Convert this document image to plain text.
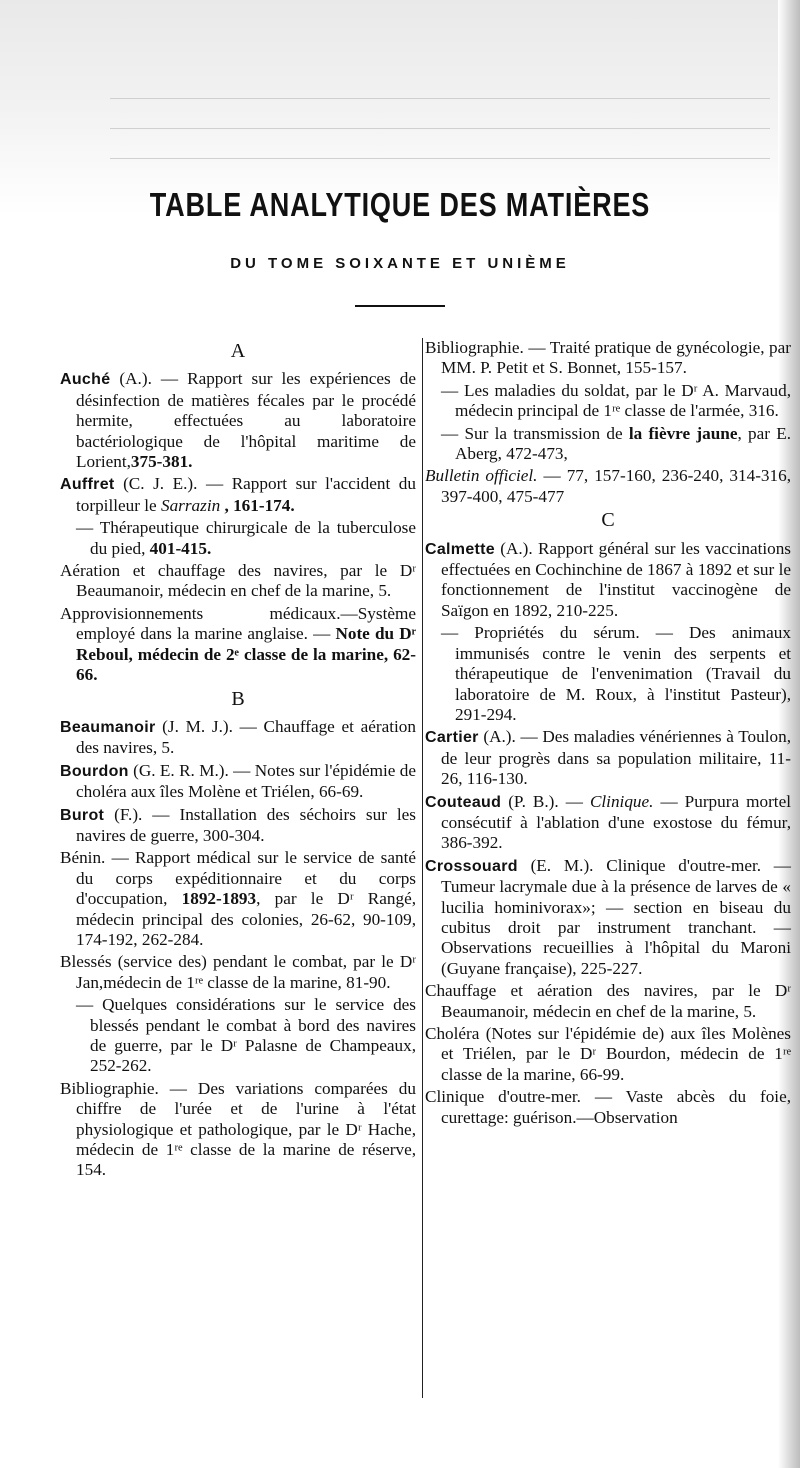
TABLE ANALYTIQUE DES MATIÈRES
DU TOME SOIXANTE ET UNIÈME
A

Auché (A.). — Rapport sur les expériences de désinfection de matières fécales par le procédé hermite, effectuées au laboratoire bactériologique de l'hôpital maritime de Lorient,375-381.

Auffret (C. J. E.). — Rapport sur l'accident du torpilleur le Sarrazin , 161-174.

— Thérapeutique chirurgicale de la tuberculose du pied, 401-415.

Aération et chauffage des navires, par le Dʳ Beaumanoir, médecin en chef de la marine, 5.

Approvisionnements médicaux.—Système employé dans la marine anglaise. — Note du Dʳ Reboul, médecin de 2ᵉ classe de la marine, 62-66.

B

Beaumanoir (J. M. J.). — Chauffage et aération des navires, 5.

Bourdon (G. E. R. M.). — Notes sur l'épidémie de choléra aux îles Molène et Triélen, 66-69.

Burot (F.). — Installation des séchoirs sur les navires de guerre, 300-304.

Bénin. — Rapport médical sur le service de santé du corps expéditionnaire et du corps d'occupation, 1892-1893, par le Dʳ Rangé, médecin principal des colonies, 26-62, 90-109, 174-192, 262-284.

Blessés (service des) pendant le combat, par le Dʳ Jan,médecin de 1ʳᵉ classe de la marine, 81-90.

— Quelques considérations sur le service des blessés pendant le combat à bord des navires de guerre, par le Dʳ Palasne de Champeaux, 252-262.

Bibliographie. — Des variations comparées du chiffre de l'urée et de l'urine à l'état physiologique et pathologique, par le Dʳ Hache, médecin de 1ʳᵉ classe de la marine de réserve, 154.

Bibliographie. — Traité pratique de gynécologie, par MM. P. Petit et S. Bonnet, 155-157.

— Les maladies du soldat, par le Dʳ A. Marvaud, médecin principal de 1ʳᵉ classe de l'armée, 316.

— Sur la transmission de la fièvre jaune, par E. Aberg, 472-473,

Bulletin officiel. — 77, 157-160, 236-240, 314-316, 397-400, 475-477

C

Calmette (A.). Rapport général sur les vaccinations effectuées en Cochinchine de 1867 à 1892 et sur le fonctionnement de l'institut vaccinogène de Saïgon en 1892, 210-225.

— Propriétés du sérum. — Des animaux immunisés contre le venin des serpents et thérapeutique de l'envenimation (Travail du laboratoire de M. Roux, à l'institut Pasteur), 291-294.

Cartier (A.). — Des maladies vénériennes à Toulon, de leur progrès dans sa population militaire, 11-26, 116-130.

Couteaud (P. B.). — Clinique. — Purpura mortel consécutif à l'ablation d'une exostose du fémur, 386-392.

Crossouard (E. M.). Clinique d'outre-mer. — Tumeur lacrymale due à la présence de larves de « lucilia hominivorax»; — section en biseau du cubitus droit par instrument tranchant. — Observations recueillies à l'hôpital du Maroni (Guyane française), 225-227.

Chauffage et aération des navires, par le Dʳ Beaumanoir, médecin en chef de la marine, 5.

Choléra (Notes sur l'épidémie de) aux îles Molènes et Triélen, par le Dʳ Bourdon, médecin de 1ʳᵉ classe de la marine, 66-99.

Clinique d'outre-mer. — Vaste abcès du foie, curettage: guérison.—Observation
